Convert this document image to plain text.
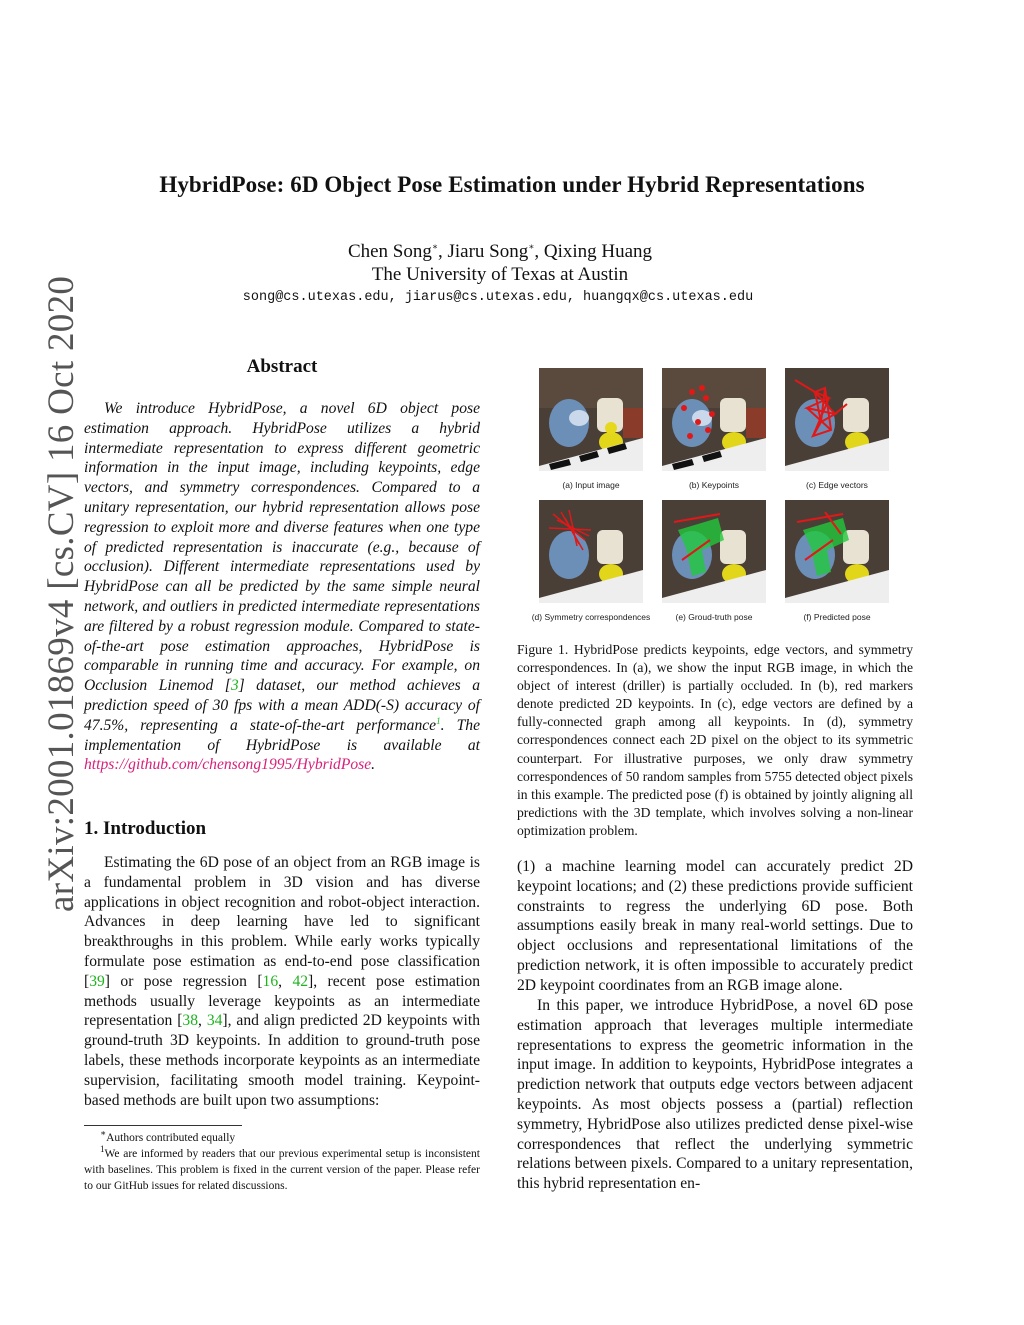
arXiv:2001.01869v4 [cs.CV] 16 Oct 2020
HybridPose: 6D Object Pose Estimation under Hybrid Representations
Chen Song∗, Jiaru Song∗, Qixing Huang
The University of Texas at Austin
song@cs.utexas.edu, jiarus@cs.utexas.edu, huangqx@cs.utexas.edu
Abstract

We introduce HybridPose, a novel 6D object pose estimation approach. HybridPose utilizes a hybrid intermediate representation to express different geometric information in the input image, including keypoints, edge vectors, and symmetry correspondences. Compared to a unitary representation, our hybrid representation allows pose regression to exploit more and diverse features when one type of predicted representation is inaccurate (e.g., because of occlusion). Different intermediate representations used by HybridPose can all be predicted by the same simple neural network, and outliers in predicted intermediate representations are filtered by a robust regression module. Compared to state-of-the-art pose estimation approaches, HybridPose is comparable in running time and accuracy. For example, on Occlusion Linemod [3] dataset, our method achieves a prediction speed of 30 fps with a mean ADD(-S) accuracy of 47.5%, representing a state-of-the-art performance$^1$. The implementation of HybridPose is available at https://github.com/chensong1995/HybridPose.

1. Introduction

Estimating the 6D pose of an object from an RGB image is a fundamental problem in 3D vision and has diverse applications in object recognition and robot-object interaction. Advances in deep learning have led to significant breakthroughs in this problem. While early works typically formulate pose estimation as end-to-end pose classification [39] or pose regression [16, 42], recent pose estimation methods usually leverage keypoints as an intermediate representation [38, 34], and align predicted 2D keypoints with ground-truth 3D keypoints. In addition to ground-truth pose labels, these methods incorporate keypoints as an intermediate supervision, facilitating smooth model training. Keypoint-based methods are built upon two assumptions:

∗Authors contributed equally
$^1$We are informed by readers that our previous experimental setup is inconsistent with baselines. This problem is fixed in the current version of the paper. Please refer to our GitHub issues for related discussions.
(a) Input image	(b) Keypoints	(c) Edge vectors
(d) Symmetry correspondences	(e) Groud-truth pose	(f) Predicted pose
Figure 1. HybridPose predicts keypoints, edge vectors, and symmetry correspondences. In (a), we show the input RGB image, in which the object of interest (driller) is partially occluded. In (b), red markers denote predicted 2D keypoints. In (c), edge vectors are defined by a fully-connected graph among all keypoints. In (d), symmetry correspondences connect each 2D pixel on the object to its symmetric counterpart. For illustrative purposes, we only draw symmetry correspondences of 50 random samples from 5755 detected object pixels in this example. The predicted pose (f) is obtained by jointly aligning all predictions with the 3D template, which involves solving a non-linear optimization problem.
(1) a machine learning model can accurately predict 2D keypoint locations; and (2) these predictions provide sufficient constraints to regress the underlying 6D pose. Both assumptions easily break in many real-world settings. Due to object occlusions and representational limitations of the prediction network, it is often impossible to accurately predict 2D keypoint coordinates from an RGB image alone.
In this paper, we introduce HybridPose, a novel 6D pose estimation approach that leverages multiple intermediate representations to express the geometric information in the input image. In addition to keypoints, HybridPose integrates a prediction network that outputs edge vectors between adjacent keypoints. As most objects possess a (partial) reflection symmetry, HybridPose also utilizes predicted dense pixel-wise correspondences that reflect the underlying symmetric relations between pixels. Compared to a unitary representation, this hybrid representation en-
